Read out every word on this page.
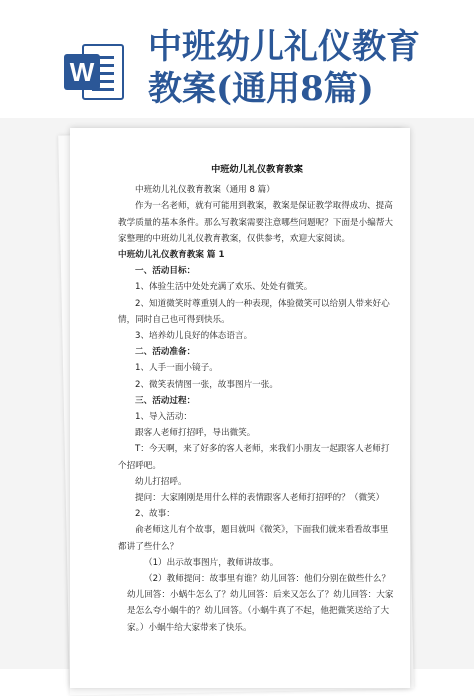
W
中班幼儿礼仪教育
教案(通用8篇)
中班幼儿礼仪教育教案

中班幼儿礼仪教育教案（通用 8 篇）

作为一名老师，就有可能用到教案，教案是保证教学取得成功、提高教学质量的基本条件。那么写教案需要注意哪些问题呢？下面是小编帮大家整理的中班幼儿礼仪教育教案，仅供参考，欢迎大家阅读。

中班幼儿礼仪教育教案 篇 1

一、活动目标：

1、体验生活中处处充满了欢乐、处处有微笑。

2、知道微笑时尊重别人的一种表现，体验微笑可以给别人带来好心情，同时自己也可得到快乐。

3、培养幼儿良好的体态语言。

二、活动准备：

1、人手一面小镜子。

2、微笑表情图一张，故事图片一张。

三、活动过程：

1、导入活动：

跟客人老师打招呼，导出微笑。

T：今天啊，来了好多的客人老师，来我们小朋友一起跟客人老师打个招呼吧。

幼儿打招呼。

提问：大家刚刚是用什么样的表情跟客人老师打招呼的？（微笑）

2、故事：

俞老师这儿有个故事，题目就叫《微笑》，下面我们就来看看故事里都讲了些什么？

（1）出示故事图片，教师讲故事。

（2）教师提问：故事里有谁？幼儿回答：他们分别在做些什么？幼儿回答：小蜗牛怎么了？幼儿回答：后来又怎么了？幼儿回答：大家是怎么夸小蜗牛的？幼儿回答。（小蜗牛真了不起，他把微笑送给了大家。）小蜗牛给大家带来了快乐。
